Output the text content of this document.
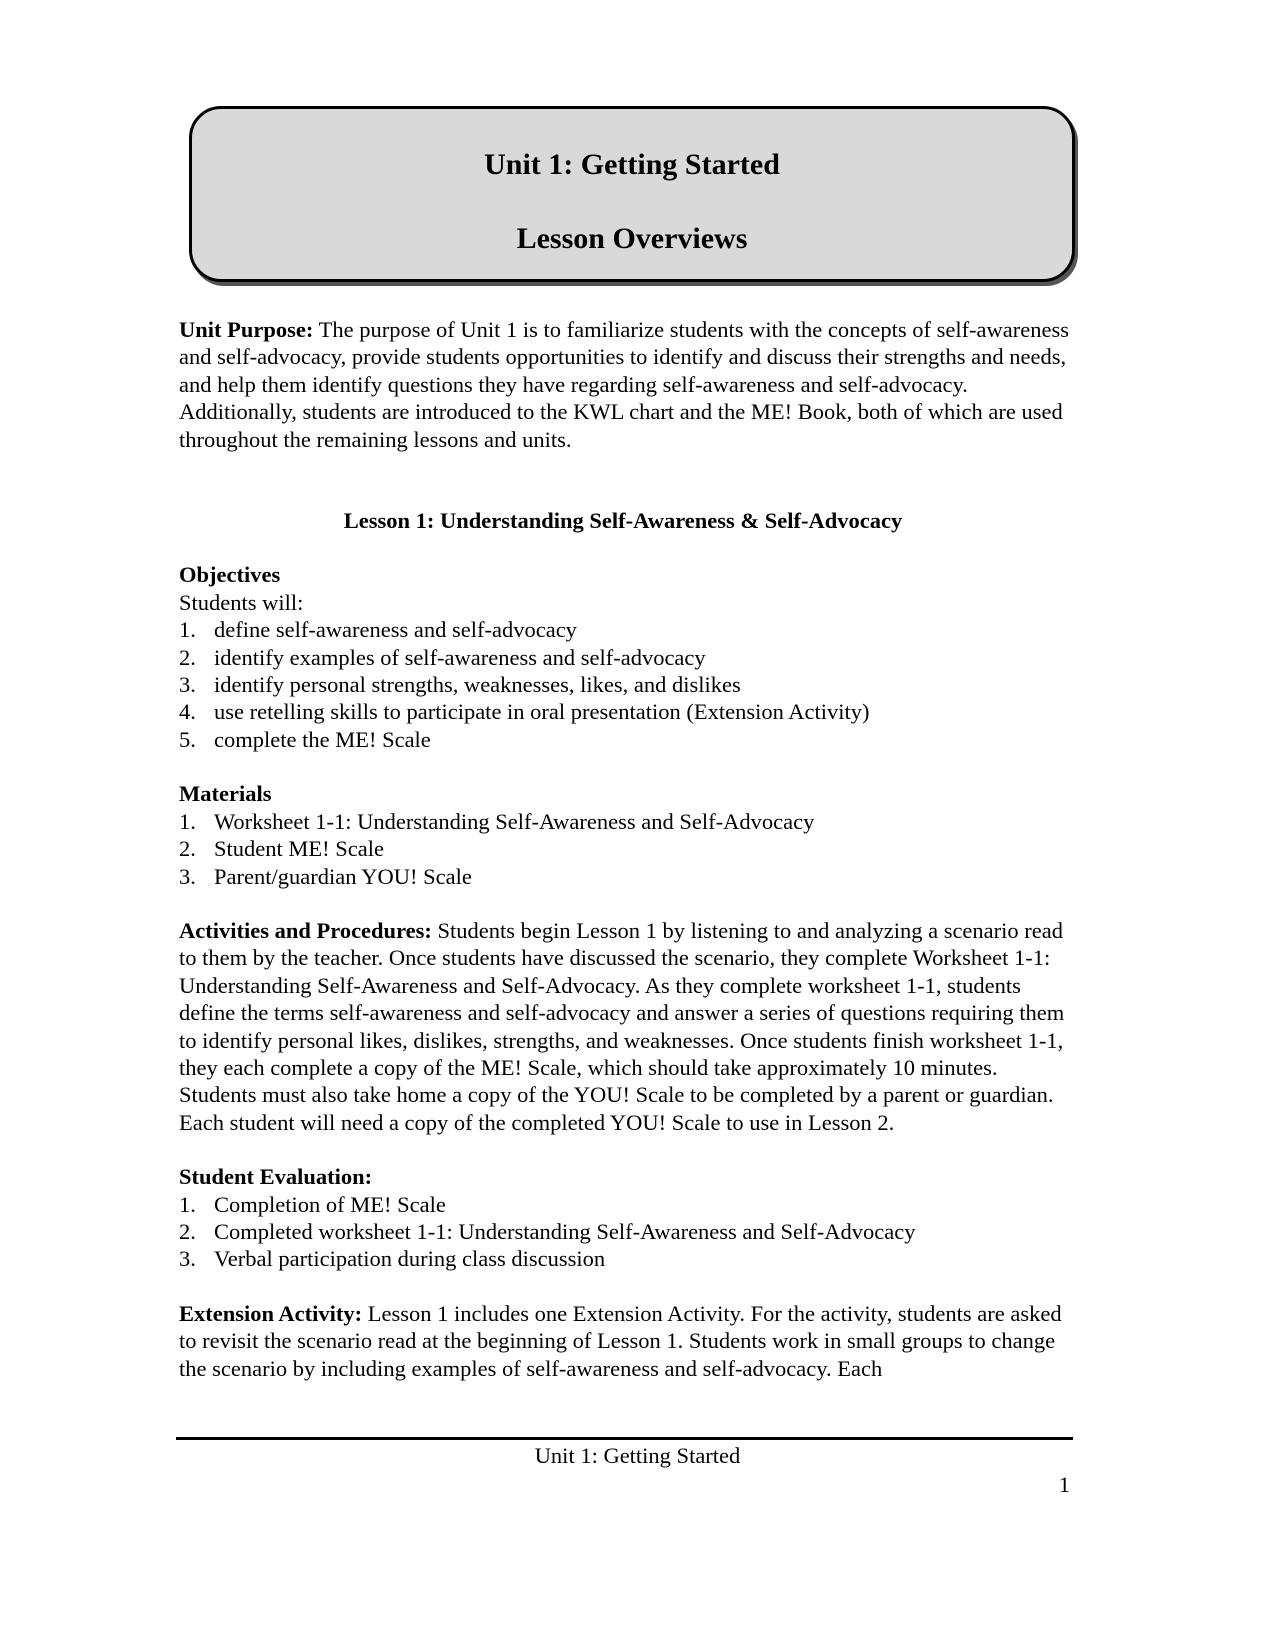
Unit 1: Getting Started
Lesson Overviews

Unit Purpose: The purpose of Unit 1 is to familiarize students with the concepts of self-awareness and self-advocacy, provide students opportunities to identify and discuss their strengths and needs, and help them identify questions they have regarding self-awareness and self-advocacy. Additionally, students are introduced to the KWL chart and the ME! Book, both of which are used throughout the remaining lessons and units.

Lesson 1: Understanding Self-Awareness & Self-Advocacy

Objectives

Students will:

1. define self-awareness and self-advocacy
2. identify examples of self-awareness and self-advocacy
3. identify personal strengths, weaknesses, likes, and dislikes
4. use retelling skills to participate in oral presentation (Extension Activity)
5. complete the ME! Scale

Materials

1. Worksheet 1-1: Understanding Self-Awareness and Self-Advocacy
2. Student ME! Scale
3. Parent/guardian YOU! Scale

Activities and Procedures: Students begin Lesson 1 by listening to and analyzing a scenario read to them by the teacher. Once students have discussed the scenario, they complete Worksheet 1-1: Understanding Self-Awareness and Self-Advocacy. As they complete worksheet 1-1, students define the terms self-awareness and self-advocacy and answer a series of questions requiring them to identify personal likes, dislikes, strengths, and weaknesses. Once students finish worksheet 1-1, they each complete a copy of the ME! Scale, which should take approximately 10 minutes. Students must also take home a copy of the YOU! Scale to be completed by a parent or guardian. Each student will need a copy of the completed YOU! Scale to use in Lesson 2.

Student Evaluation:

1. Completion of ME! Scale
2. Completed worksheet 1-1: Understanding Self-Awareness and Self-Advocacy
3. Verbal participation during class discussion

Extension Activity: Lesson 1 includes one Extension Activity. For the activity, students are asked to revisit the scenario read at the beginning of Lesson 1. Students work in small groups to change the scenario by including examples of self-awareness and self-advocacy. Each

Unit 1: Getting Started
1
